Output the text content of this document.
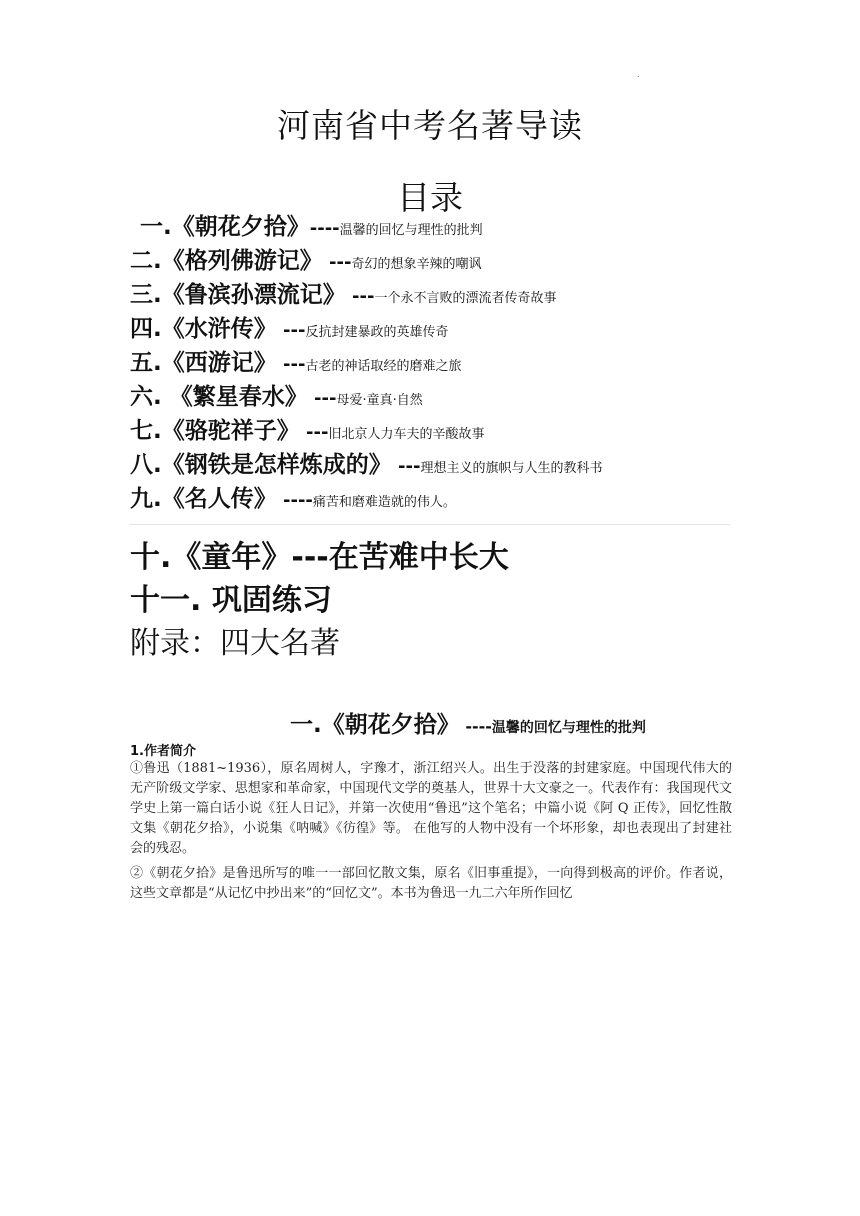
.
河南省中考名著导读
目录
一.《朝花夕拾》----温馨的回忆与理性的批判
二.《格列佛游记》 ---奇幻的想象辛辣的嘲讽
三.《鲁滨孙漂流记》 ---一个永不言败的漂流者传奇故事
四.《水浒传》 ---反抗封建暴政的英雄传奇
五.《西游记》 ---古老的神话取经的磨难之旅
六. 《繁星春水》 ---母爱·童真·自然
七.《骆驼祥子》 ---旧北京人力车夫的辛酸故事
八.《钢铁是怎样炼成的》 ---理想主义的旗帜与人生的教科书
九.《名人传》 ----痛苦和磨难造就的伟人。
十.《童年》---在苦难中长大
十一. 巩固练习
附录：四大名著
一.《朝花夕拾》 ----温馨的回忆与理性的批判
1.作者简介
①鲁迅（1881~1936），原名周树人，字豫才，浙江绍兴人。出生于没落的封建家庭。中国现代伟大的无产阶级文学家、思想家和革命家，中国现代文学的奠基人，世界十大文豪之一。代表作有：我国现代文学史上第一篇白话小说《狂人日记》，并第一次使用“鲁迅”这个笔名；中篇小说《阿 Q 正传》，回忆性散文集《朝花夕拾》，小说集《呐喊》《彷徨》等。 在他写的人物中没有一个坏形象，却也表现出了封建社会的残忍。
②《朝花夕拾》是鲁迅所写的唯一一部回忆散文集，原名《旧事重提》，一向得到极高的评价。作者说，这些文章都是“从记忆中抄出来”的“回忆文”。本书为鲁迅一九二六年所作回忆
